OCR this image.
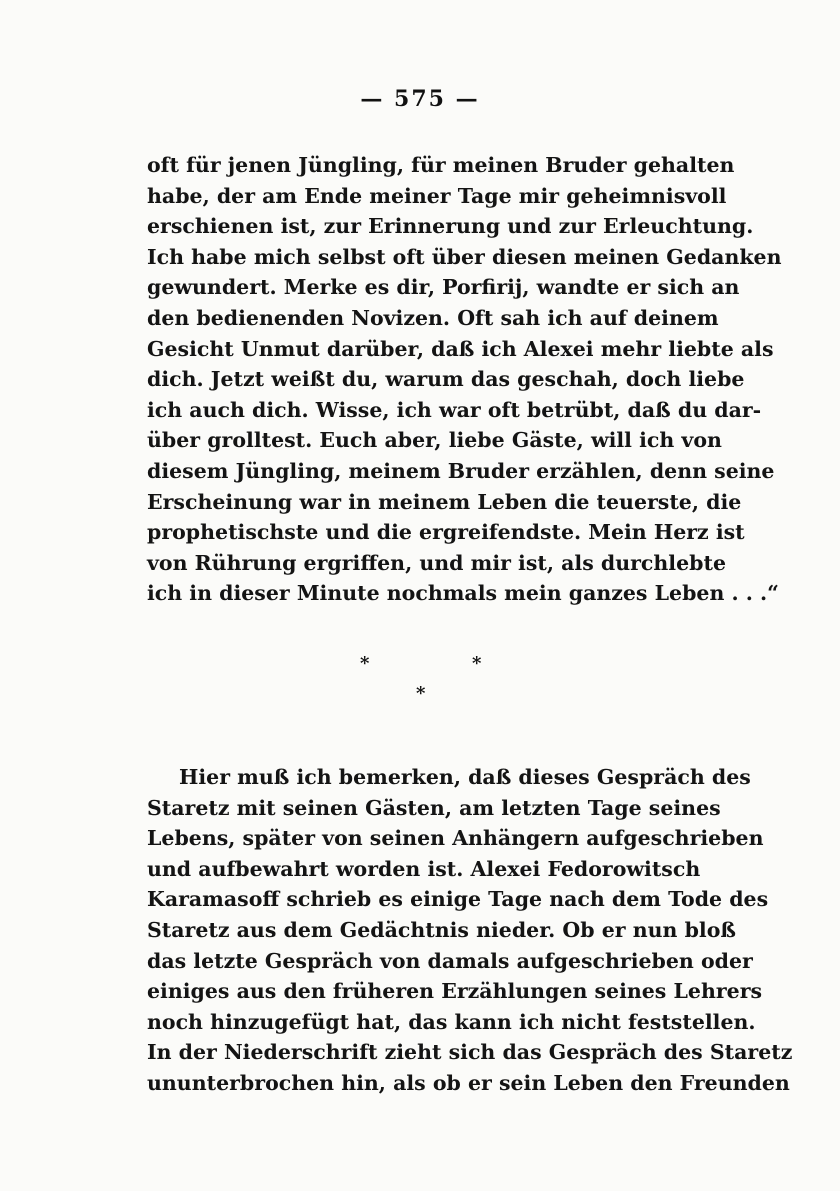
— 575 —
oft für jenen Jüngling, für meinen Bruder gehalten
habe, der am Ende meiner Tage mir geheimnisvoll
erschienen ist, zur Erinnerung und zur Erleuchtung.
Ich habe mich selbst oft über diesen meinen Gedanken
gewundert. Merke es dir, Porfirij, wandte er sich an
den bedienenden Novizen. Oft sah ich auf deinem
Gesicht Unmut darüber, daß ich Alexei mehr liebte als
dich. Jetzt weißt du, warum das geschah, doch liebe
ich auch dich. Wisse, ich war oft betrübt, daß du dar-
über grolltest. Euch aber, liebe Gäste, will ich von
diesem Jüngling, meinem Bruder erzählen, denn seine
Erscheinung war in meinem Leben die teuerste, die
prophetischste und die ergreifendste. Mein Herz ist
von Rührung ergriffen, und mir ist, als durchlebte
ich in dieser Minute nochmals mein ganzes Leben . . .“
*	*
*
Hier muß ich bemerken, daß dieses Gespräch des
Staretz mit seinen Gästen, am letzten Tage seines
Lebens, später von seinen Anhängern aufgeschrieben
und aufbewahrt worden ist. Alexei Fedorowitsch
Karamasoff schrieb es einige Tage nach dem Tode des
Staretz aus dem Gedächtnis nieder. Ob er nun bloß
das letzte Gespräch von damals aufgeschrieben oder
einiges aus den früheren Erzählungen seines Lehrers
noch hinzugefügt hat, das kann ich nicht feststellen.
In der Niederschrift zieht sich das Gespräch des Staretz
ununterbrochen hin, als ob er sein Leben den Freunden
